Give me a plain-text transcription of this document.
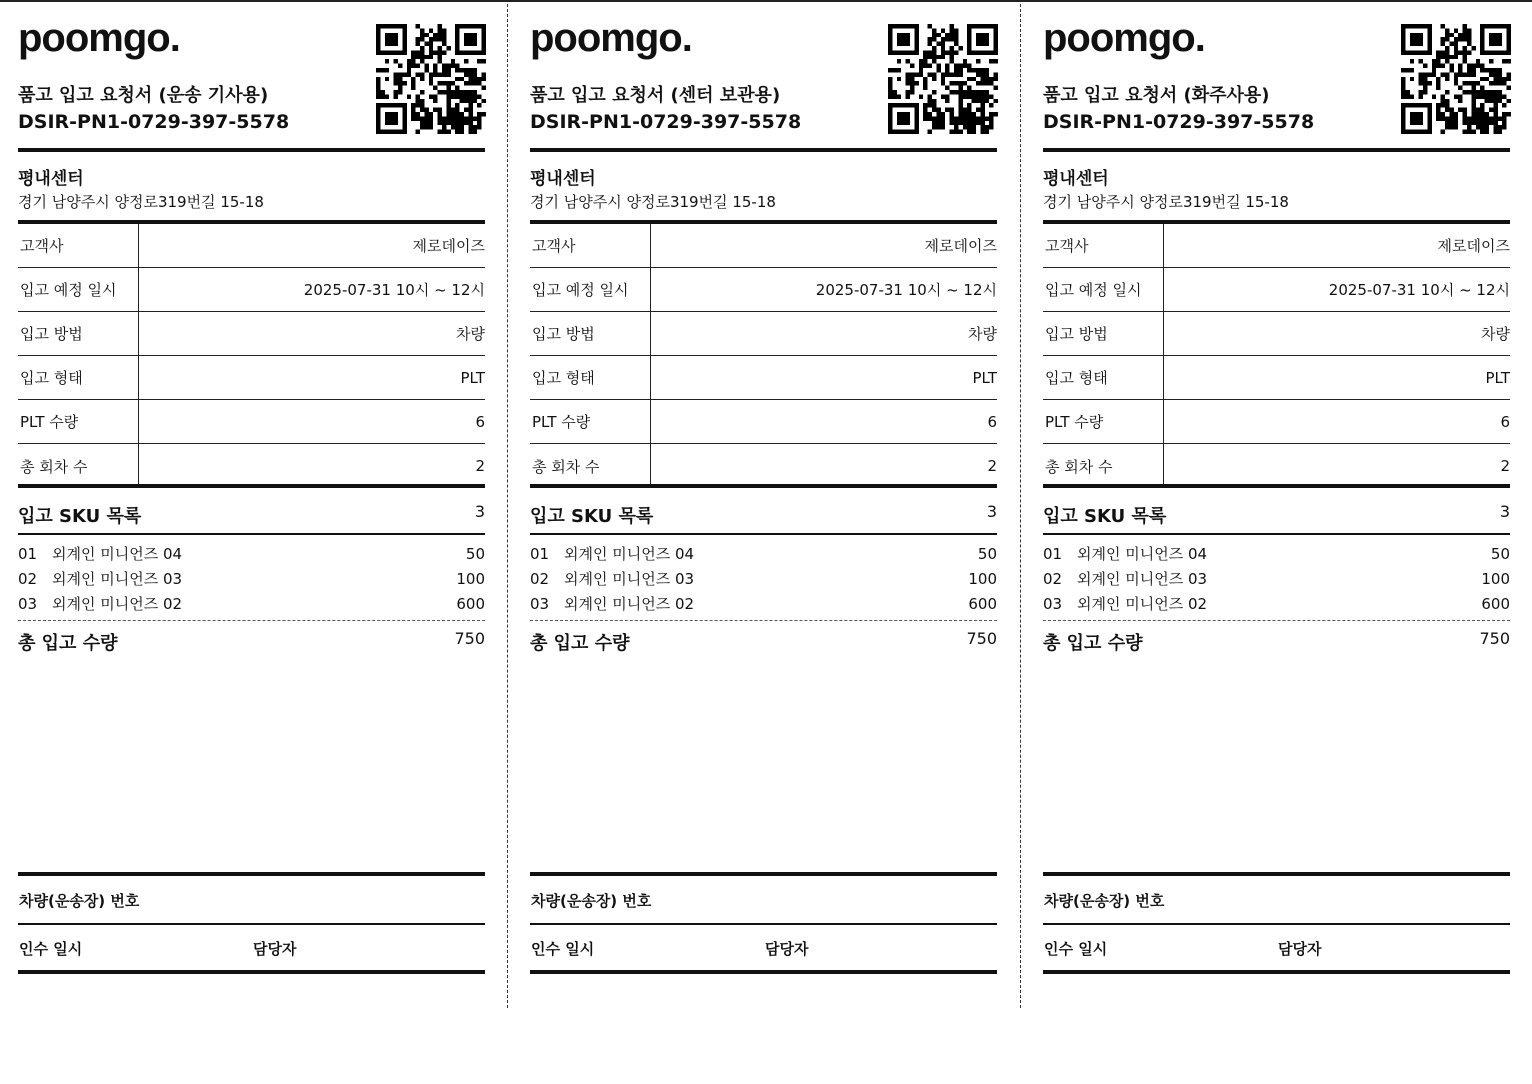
poomgo.
품고 입고 요청서 (운송 기사용)
DSIR-PN1-0729-397-5578
평내센터
경기 남양주시 양정로319번길 15-18
고객사	제로데이즈
입고 예정 일시	2025-07-31 10시 ~ 12시
입고 방법	차량
입고 형태	PLT
PLT 수량	6
총 회차 수	2
입고 SKU 목록	3
01 외계인 미니언즈 04	50
02 외계인 미니언즈 03	100
03 외계인 미니언즈 02	600
총 입고 수량	750
차량(운송장) 번호
인수 일시	담당자
poomgo.
품고 입고 요청서 (센터 보관용)
DSIR-PN1-0729-397-5578
평내센터
경기 남양주시 양정로319번길 15-18
고객사	제로데이즈
입고 예정 일시	2025-07-31 10시 ~ 12시
입고 방법	차량
입고 형태	PLT
PLT 수량	6
총 회차 수	2
입고 SKU 목록	3
01 외계인 미니언즈 04	50
02 외계인 미니언즈 03	100
03 외계인 미니언즈 02	600
총 입고 수량	750
차량(운송장) 번호
인수 일시	담당자
poomgo.
품고 입고 요청서 (화주사용)
DSIR-PN1-0729-397-5578
평내센터
경기 남양주시 양정로319번길 15-18
고객사	제로데이즈
입고 예정 일시	2025-07-31 10시 ~ 12시
입고 방법	차량
입고 형태	PLT
PLT 수량	6
총 회차 수	2
입고 SKU 목록	3
01 외계인 미니언즈 04	50
02 외계인 미니언즈 03	100
03 외계인 미니언즈 02	600
총 입고 수량	750
차량(운송장) 번호
인수 일시	담당자
